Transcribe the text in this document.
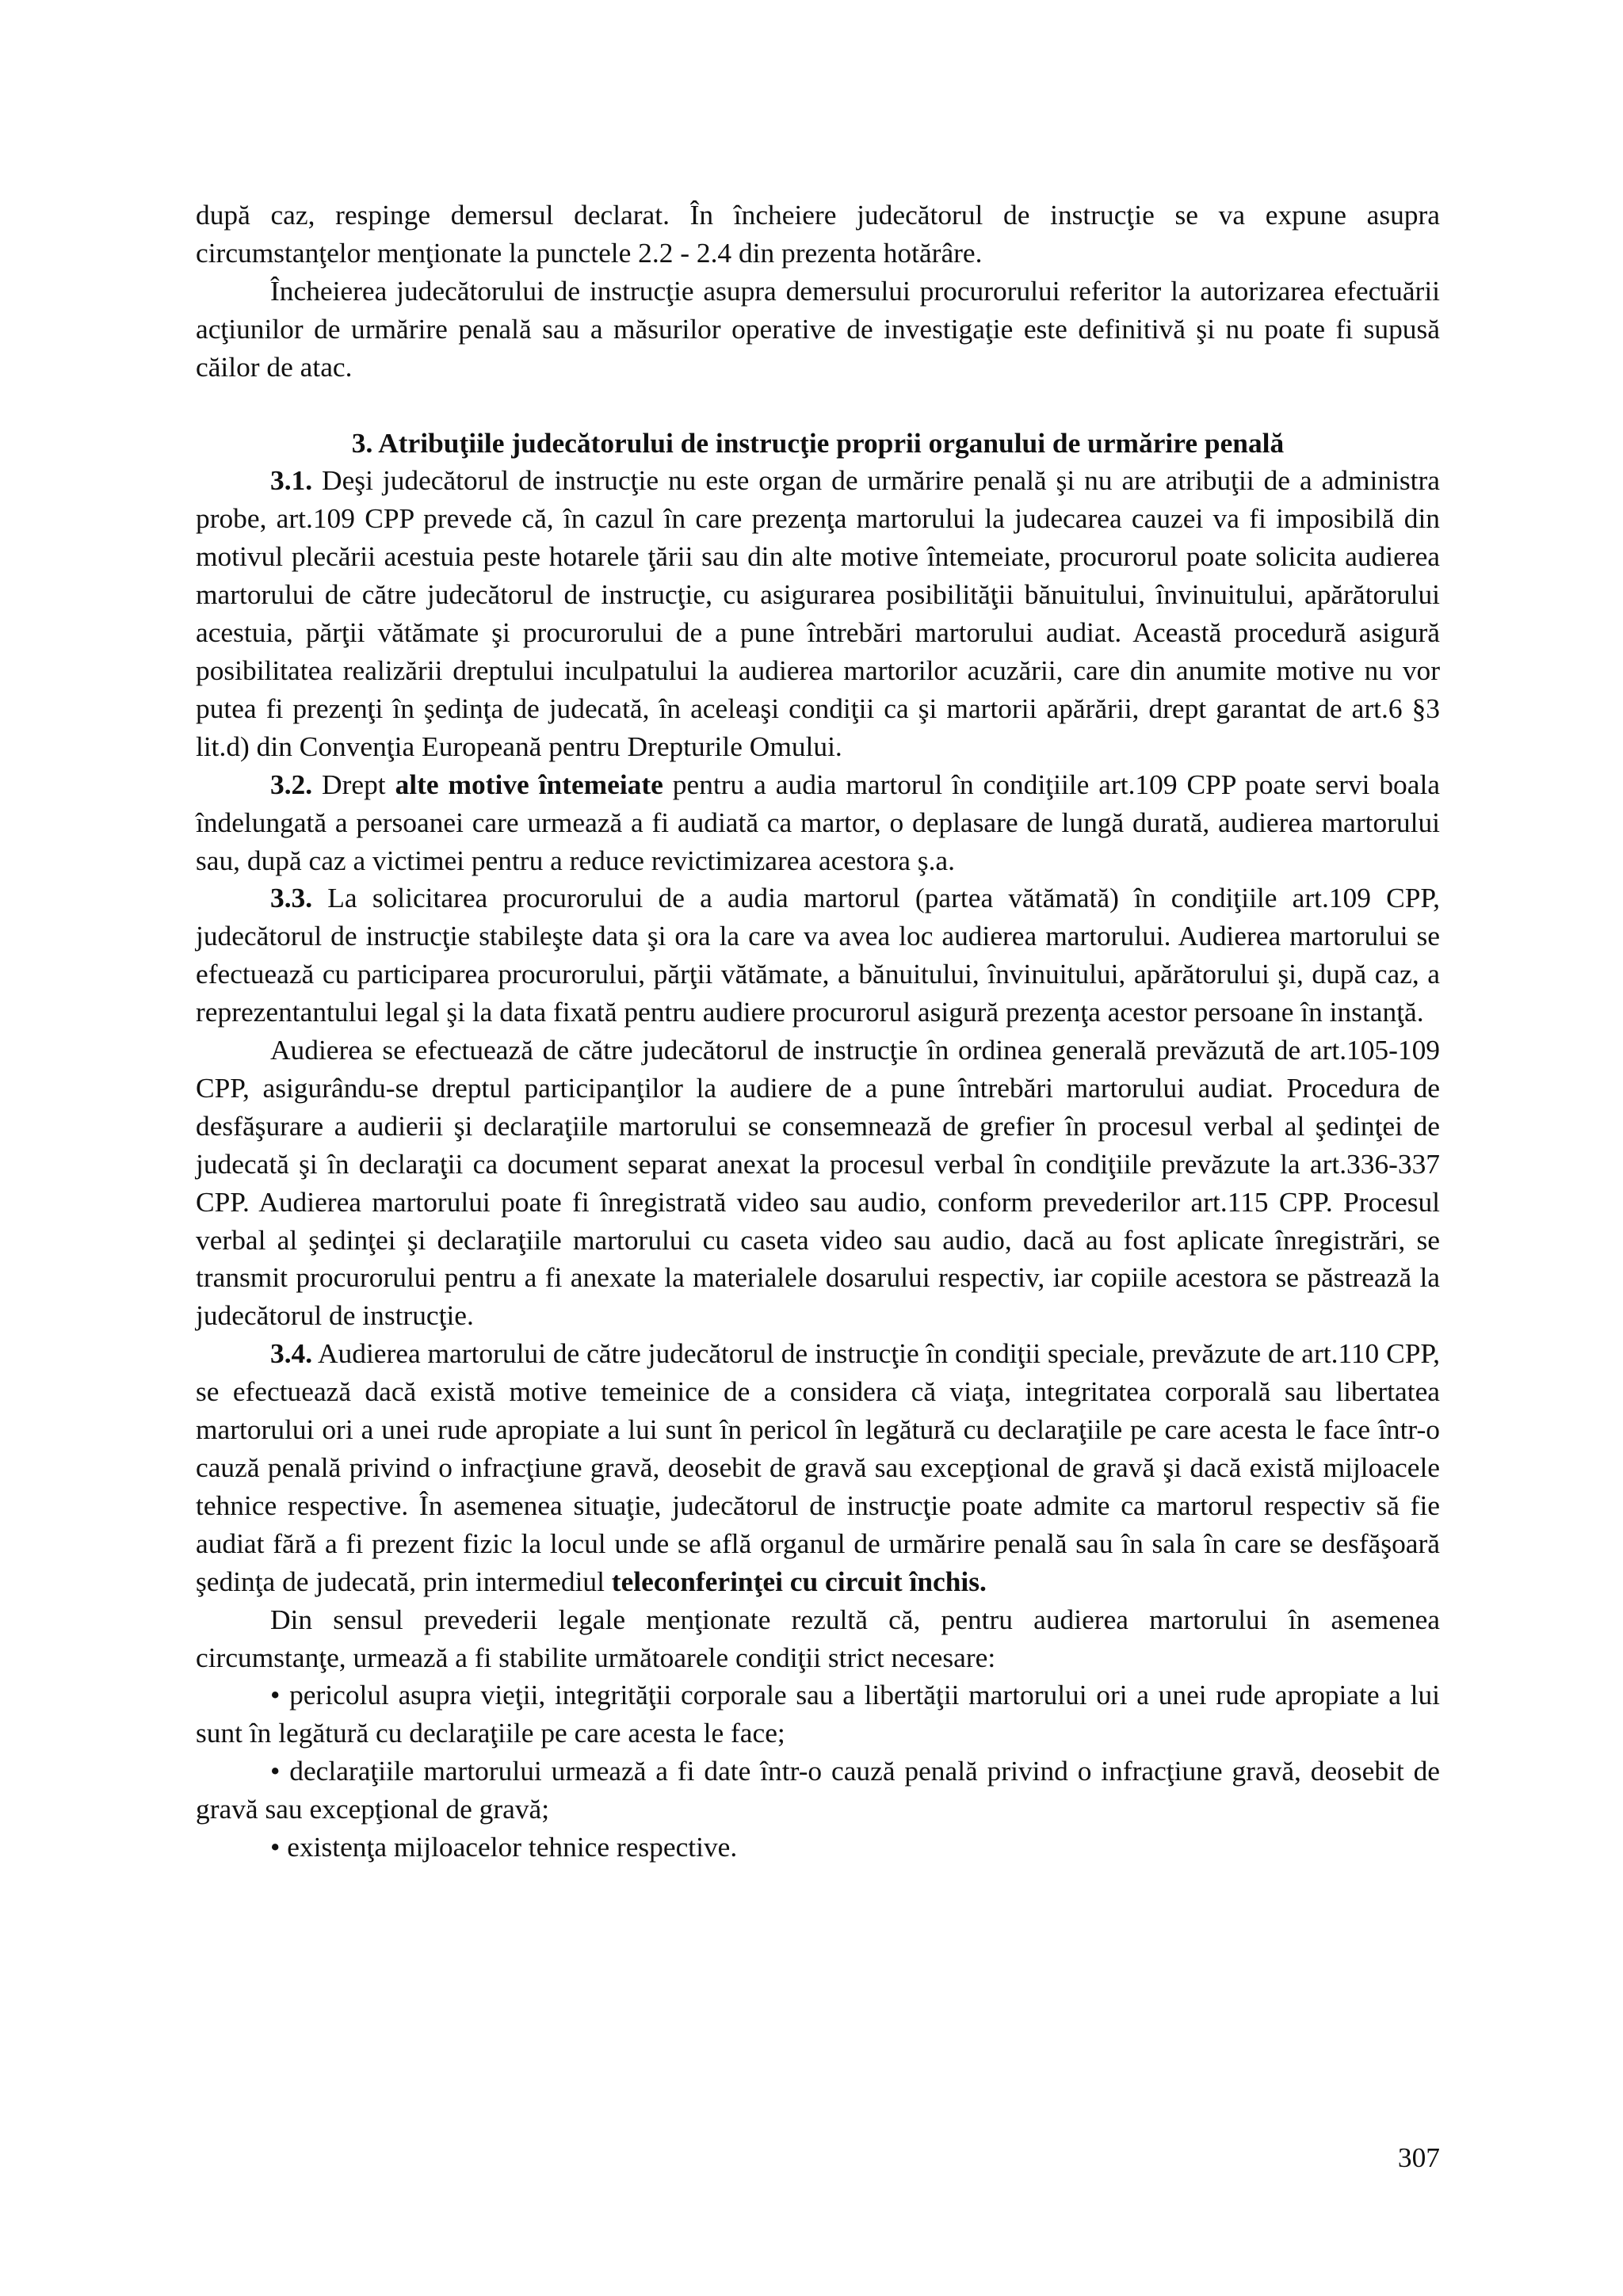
după caz, respinge demersul declarat. În încheiere judecătorul de instrucţie se va expune asupra circumstanţelor menţionate la punctele 2.2 - 2.4 din prezenta hotărâre.

Încheierea judecătorului de instrucţie asupra demersului procurorului referitor la autorizarea efectuării acţiunilor de urmărire penală sau a măsurilor operative de investigaţie este definitivă şi nu poate fi supusă căilor de atac.

3. Atribuţiile judecătorului de instrucţie proprii organului de urmărire penală

3.1. Deşi judecătorul de instrucţie nu este organ de urmărire penală şi nu are atribuţii de a administra probe, art.109 CPP prevede că, în cazul în care prezenţa martorului la judecarea cauzei va fi imposibilă din motivul plecării acestuia peste hotarele ţării sau din alte motive întemeiate, procurorul poate solicita audierea martorului de către judecătorul de instrucţie, cu asigurarea posibilităţii bănuitului, învinuitului, apărătorului acestuia, părţii vătămate şi procurorului de a pune întrebări martorului audiat. Această procedură asigură posibilitatea realizării dreptului inculpatului la audierea martorilor acuzării, care din anumite motive nu vor putea fi prezenţi în şedinţa de judecată, în aceleaşi condiţii ca şi martorii apărării, drept garantat de art.6 §3 lit.d) din Convenţia Europeană pentru Drepturile Omului.

3.2. Drept alte motive întemeiate pentru a audia martorul în condiţiile art.109 CPP poate servi boala îndelungată a persoanei care urmează a fi audiată ca martor, o deplasare de lungă durată, audierea martorului sau, după caz a victimei pentru a reduce revictimizarea acestora ş.a.

3.3. La solicitarea procurorului de a audia martorul (partea vătămată) în condiţiile art.109 CPP, judecătorul de instrucţie stabileşte data şi ora la care va avea loc audierea martorului. Audierea martorului se efectuează cu participarea procurorului, părţii vătămate, a bănuitului, învinuitului, apărătorului şi, după caz, a reprezentantului legal şi la data fixată pentru audiere procurorul asigură prezenţa acestor persoane în instanţă.

Audierea se efectuează de către judecătorul de instrucţie în ordinea generală prevăzută de art.105-109 CPP, asigurându-se dreptul participanţilor la audiere de a pune întrebări martorului audiat. Procedura de desfăşurare a audierii şi declaraţiile martorului se consemnează de grefier în procesul verbal al şedinţei de judecată şi în declaraţii ca document separat anexat la procesul verbal în condiţiile prevăzute la art.336-337 CPP. Audierea martorului poate fi înregistrată video sau audio, conform prevederilor art.115 CPP. Procesul verbal al şedinţei şi declaraţiile martorului cu caseta video sau audio, dacă au fost aplicate înregistrări, se transmit procurorului pentru a fi anexate la materialele dosarului respectiv, iar copiile acestora se păstrează la judecătorul de instrucţie.

3.4. Audierea martorului de către judecătorul de instrucţie în condiţii speciale, prevăzute de art.110 CPP, se efectuează dacă există motive temeinice de a considera că viaţa, integritatea corporală sau libertatea martorului ori a unei rude apropiate a lui sunt în pericol în legătură cu declaraţiile pe care acesta le face într-o cauză penală privind o infracţiune gravă, deosebit de gravă sau excepţional de gravă şi dacă există mijloacele tehnice respective. În asemenea situaţie, judecătorul de instrucţie poate admite ca martorul respectiv să fie audiat fără a fi prezent fizic la locul unde se află organul de urmărire penală sau în sala în care se desfăşoară şedinţa de judecată, prin intermediul teleconferinţei cu circuit închis.

Din sensul prevederii legale menţionate rezultă că, pentru audierea martorului în asemenea circumstanţe, urmează a fi stabilite următoarele condiţii strict necesare:

• pericolul asupra vieţii, integrităţii corporale sau a libertăţii martorului ori a unei rude apropiate a lui sunt în legătură cu declaraţiile pe care acesta le face;

• declaraţiile martorului urmează a fi date într-o cauză penală privind o infracţiune gravă, deosebit de gravă sau excepţional de gravă;

• existenţa mijloacelor tehnice respective.

307
